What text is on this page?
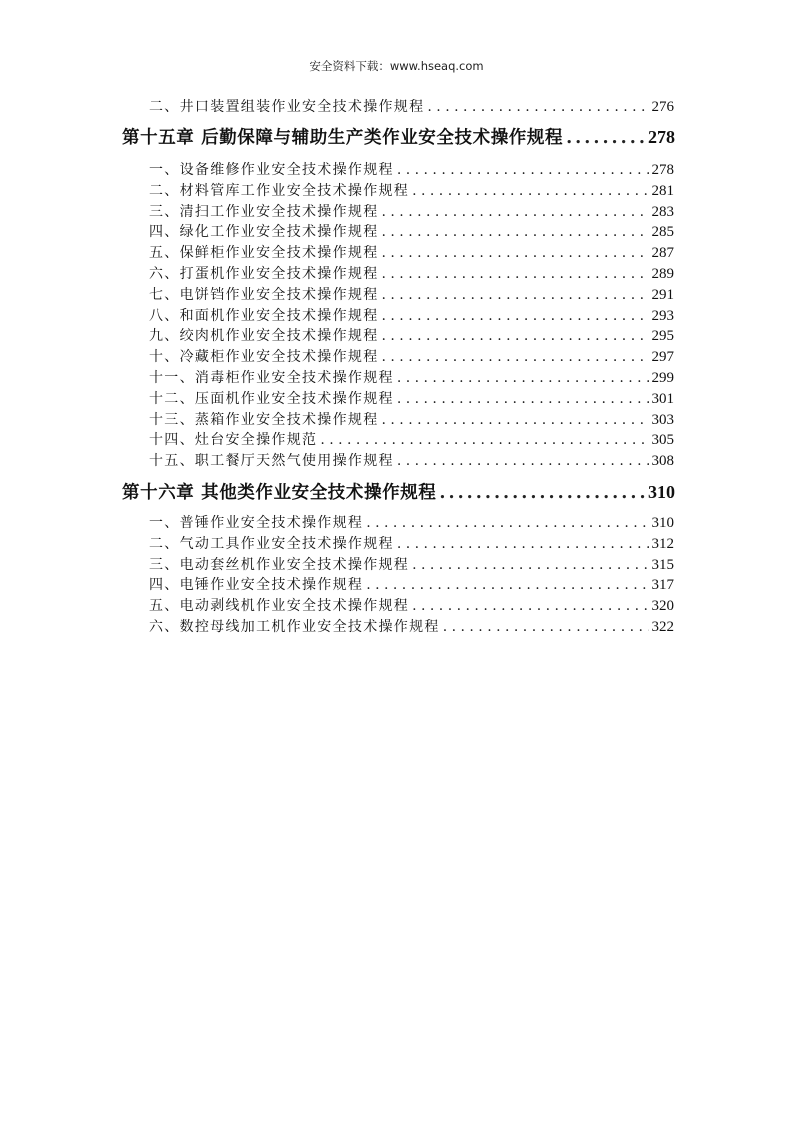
安全资料下载：www.hseaq.com
二、井口装置组装作业安全技术操作规程 . . .	276
第十五章 后勤保障与辅助生产类作业安全技术操作规程 .....	278
一、设备维修作业安全技术操作规程 . . .	278
二、材料管库工作业安全技术操作规程 . . .	281
三、清扫工作业安全技术操作规程 . . .	283
四、绿化工作业安全技术操作规程 . . .	285
五、保鲜柜作业安全技术操作规程 . . .	287
六、打蛋机作业安全技术操作规程 . . .	289
七、电饼铛作业安全技术操作规程 . . .	291
八、和面机作业安全技术操作规程 . . .	293
九、绞肉机作业安全技术操作规程 . . .	295
十、冷藏柜作业安全技术操作规程 . . .	297
十一、消毒柜作业安全技术操作规程 . . .	299
十二、压面机作业安全技术操作规程 . . .	301
十三、蒸箱作业安全技术操作规程 . . .	303
十四、灶台安全操作规范 . . .	305
十五、职工餐厅天然气使用操作规程 . . .	308
第十六章 其他类作业安全技术操作规程 .....	310
一、普锤作业安全技术操作规程 . . .	310
二、气动工具作业安全技术操作规程 . . .	312
三、电动套丝机作业安全技术操作规程 . . .	315
四、电锤作业安全技术操作规程 . . .	317
五、电动剥线机作业安全技术操作规程 . . .	320
六、数控母线加工机作业安全技术操作规程 . . .	322
